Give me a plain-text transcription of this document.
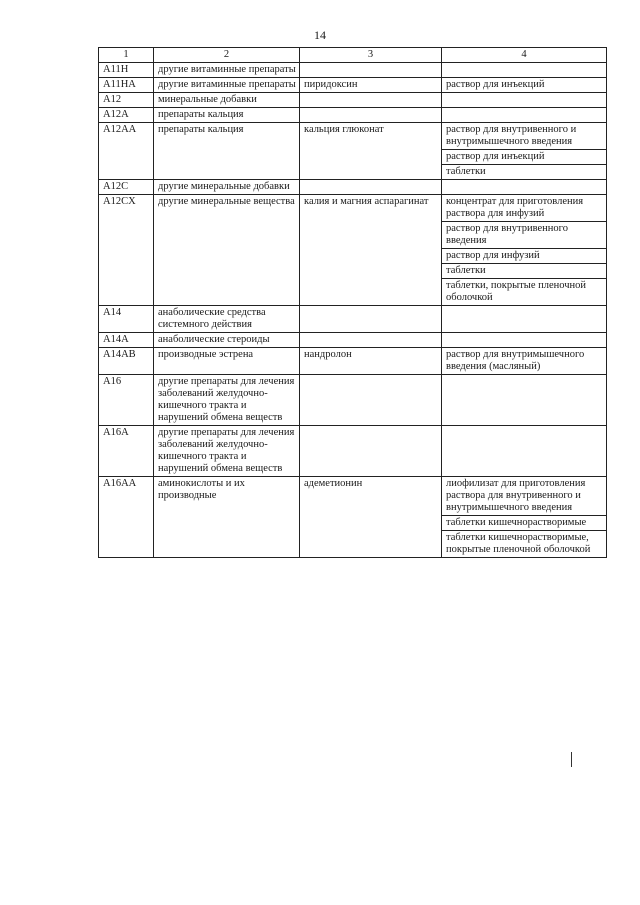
14
1	2	3	4
A11H	другие витаминные препараты		

A11HA	другие витаминные препараты	пиридоксин	раствор для инъекций

A12	минеральные добавки		

A12A	препараты кальция		

A12AA	препараты кальция	кальция глюконат	раствор для внутривенного и внутримышечного введения
раствор для инъекций
таблетки

A12C	другие минеральные добавки		

A12CX	другие минеральные вещества	калия и магния аспарагинат	концентрат для приготовления раствора для инфузий
раствор для внутривенного введения
раствор для инфузий
таблетки
таблетки, покрытые пленочной оболочкой

A14	анаболические средства системного действия		

A14A	анаболические стероиды		

A14AB	производные эстрена	нандролон	раствор для внутримышечного введения (масляный)

A16	другие препараты для лечения заболеваний желудочно-кишечного тракта и нарушений обмена веществ		

A16A	другие препараты для лечения заболеваний желудочно-кишечного тракта и нарушений обмена веществ		

A16AA	аминокислоты и их производные	адеметионин	лиофилизат для приготовления раствора для внутривенного и внутримышечного введения
таблетки кишечнорастворимые
таблетки кишечнорастворимые, покрытые пленочной оболочкой
